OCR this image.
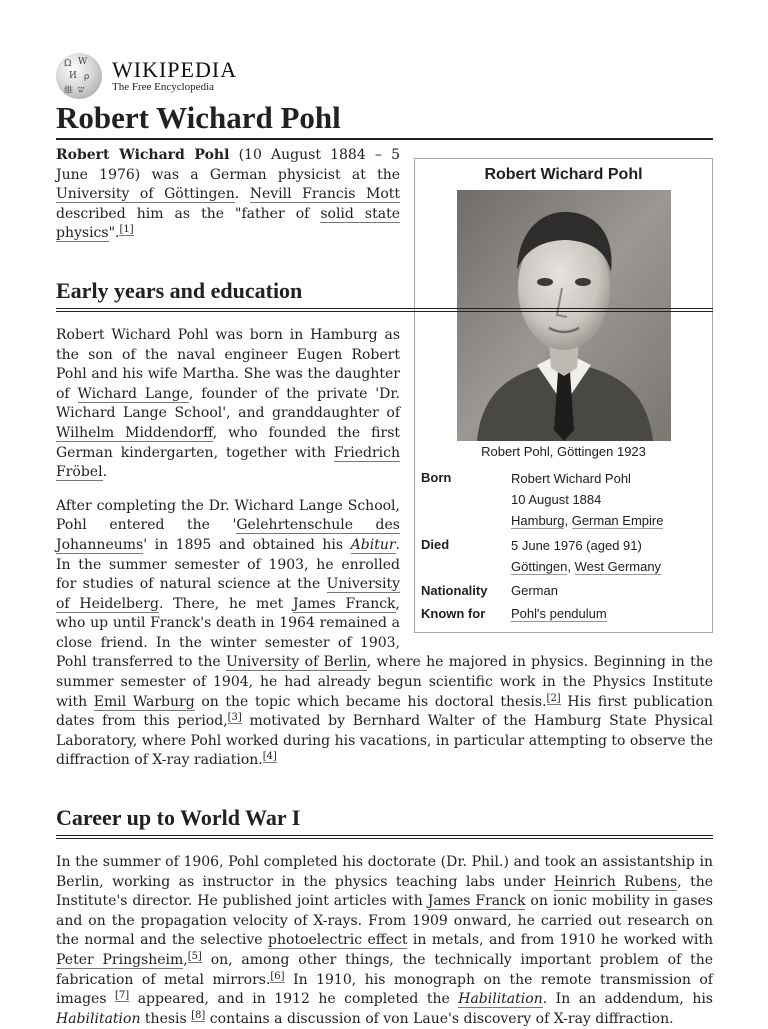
Ω W
И ρ
維 ש
WIKIPEDIA
The Free Encyclopedia
Robert Wichard Pohl
Robert Wichard Pohl
Robert Pohl, Göttingen 1923
Born	Robert Wichard Pohl
10 August 1884
Hamburg, German Empire
Died	5 June 1976 (aged 91)
Göttingen, West Germany
Nationality	German
Known for	Pohl's pendulum

Robert Wichard Pohl (10 August 1884 – 5 June 1976) was a German physicist at the University of Göttingen. Nevill Francis Mott described him as the "father of solid state physics".[1]

Early years and education

Robert Wichard Pohl was born in Hamburg as the son of the naval engineer Eugen Robert Pohl and his wife Martha. She was the daughter of Wichard Lange, founder of the private 'Dr. Wichard Lange School', and granddaughter of Wilhelm Middendorff, who founded the first German kindergarten, together with Friedrich Fröbel.

After completing the Dr. Wichard Lange School, Pohl entered the 'Gelehrtenschule des Johanneums' in 1895 and obtained his Abitur. In the summer semester of 1903, he enrolled for studies of natural science at the University of Heidelberg. There, he met James Franck, who up until Franck's death in 1964 remained a close friend. In the winter semester of 1903, Pohl transferred to the University of Berlin, where he majored in physics. Beginning in the summer semester of 1904, he had already begun scientific work in the Physics Institute with Emil Warburg on the topic which became his doctoral thesis.[2] His first publication dates from this period,[3] motivated by Bernhard Walter of the Hamburg State Physical Laboratory, where Pohl worked during his vacations, in particular attempting to observe the diffraction of X-ray radiation.[4]

Career up to World War I

In the summer of 1906, Pohl completed his doctorate (Dr. Phil.) and took an assistantship in Berlin, working as instructor in the physics teaching labs under Heinrich Rubens, the Institute's director. He published joint articles with James Franck on ionic mobility in gases and on the propagation velocity of X-rays. From 1909 onward, he carried out research on the normal and the selective photoelectric effect in metals, and from 1910 he worked with Peter Pringsheim,[5] on, among other things, the technically important problem of the fabrication of metal mirrors.[6] In 1910, his monograph on the remote transmission of images [7] appeared, and in 1912 he completed the Habilitation. In an addendum, his Habilitation thesis [8] contains a discussion of von Laue's discovery of X-ray diffraction.
